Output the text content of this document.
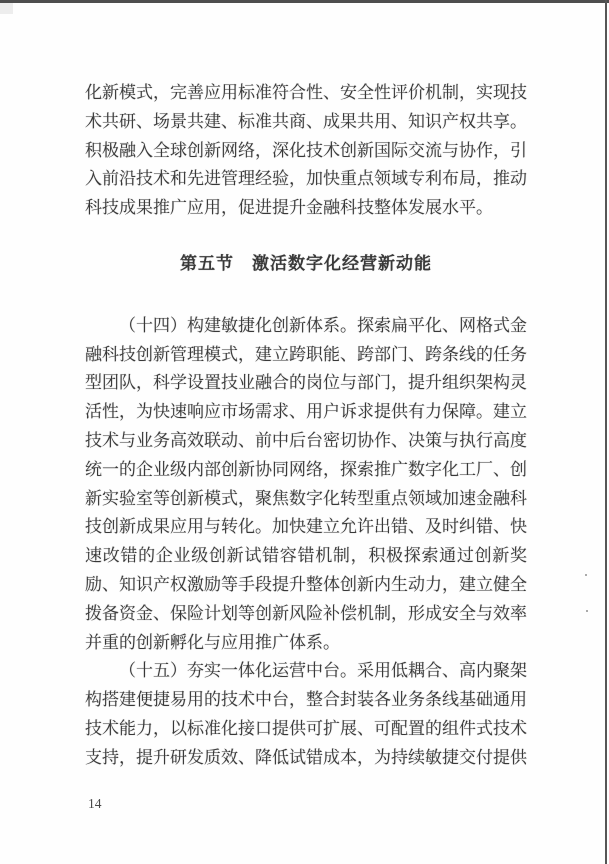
化新模式，完善应用标准符合性、安全性评价机制，实现技
术共研、场景共建、标准共商、成果共用、知识产权共享。
积极融入全球创新网络，深化技术创新国际交流与协作，引
入前沿技术和先进管理经验，加快重点领域专利布局，推动
科技成果推广应用，促进提升金融科技整体发展水平。
第五节　激活数字化经营新动能
（十四）构建敏捷化创新体系。探索扁平化、网格式金
融科技创新管理模式，建立跨职能、跨部门、跨条线的任务
型团队，科学设置技业融合的岗位与部门，提升组织架构灵
活性，为快速响应市场需求、用户诉求提供有力保障。建立
技术与业务高效联动、前中后台密切协作、决策与执行高度
统一的企业级内部创新协同网络，探索推广数字化工厂、创
新实验室等创新模式，聚焦数字化转型重点领域加速金融科
技创新成果应用与转化。加快建立允许出错、及时纠错、快
速改错的企业级创新试错容错机制，积极探索通过创新奖
励、知识产权激励等手段提升整体创新内生动力，建立健全
拨备资金、保险计划等创新风险补偿机制，形成安全与效率
并重的创新孵化与应用推广体系。
（十五）夯实一体化运营中台。采用低耦合、高内聚架
构搭建便捷易用的技术中台，整合封装各业务条线基础通用
技术能力，以标准化接口提供可扩展、可配置的组件式技术
支持，提升研发质效、降低试错成本，为持续敏捷交付提供
14
